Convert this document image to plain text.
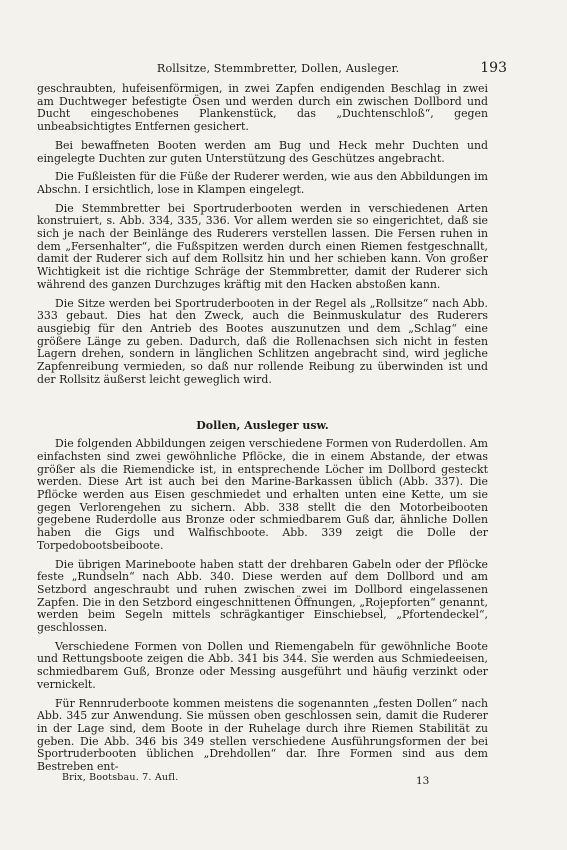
Rollsitze, Stemmbretter, Dollen, Ausleger.	193

geschraubten, hufeisenförmigen, in zwei Zapfen endigenden Beschlag in zwei am Duchtweger befestigte Ösen und werden durch ein zwischen Dollbord und Ducht eingeschobenes Plankenstück, das „Duchtenschloß“, gegen unbeabsichtigtes Entfernen gesichert.

Bei bewaffneten Booten werden am Bug und Heck mehr Duchten und eingelegte Duchten zur guten Unterstützung des Geschützes angebracht.

Die Fußleisten für die Füße der Ruderer werden, wie aus den Abbildungen im Abschn. I ersichtlich, lose in Klampen eingelegt.

Die Stemmbretter bei Sportruderbooten werden in verschiedenen Arten konstruiert, s. Abb. 334, 335, 336. Vor allem werden sie so eingerichtet, daß sie sich je nach der Beinlänge des Ruderers verstellen lassen. Die Fersen ruhen in dem „Fersenhalter“, die Fußspitzen werden durch einen Riemen festgeschnallt, damit der Ruderer sich auf dem Rollsitz hin und her schieben kann. Von großer Wichtigkeit ist die richtige Schräge der Stemmbretter, damit der Ruderer sich während des ganzen Durchzuges kräftig mit den Hacken abstoßen kann.

Die Sitze werden bei Sportruderbooten in der Regel als „Rollsitze“ nach Abb. 333 gebaut. Dies hat den Zweck, auch die Beinmuskulatur des Ruderers ausgiebig für den Antrieb des Bootes auszunutzen und dem „Schlag“ eine größere Länge zu geben. Dadurch, daß die Rollenachsen sich nicht in festen Lagern drehen, sondern in länglichen Schlitzen angebracht sind, wird jegliche Zapfenreibung vermieden, so daß nur rollende Reibung zu überwinden ist und der Rollsitz äußerst leicht geweglich wird.

Dollen, Ausleger usw.

Die folgenden Abbildungen zeigen verschiedene Formen von Ruderdollen. Am einfachsten sind zwei gewöhnliche Pflöcke, die in einem Abstande, der etwas größer als die Riemendicke ist, in entsprechende Löcher im Dollbord gesteckt werden. Diese Art ist auch bei den Marine-Barkassen üblich (Abb. 337). Die Pflöcke werden aus Eisen geschmiedet und erhalten unten eine Kette, um sie gegen Verlorengehen zu sichern. Abb. 338 stellt die den Motorbeibooten gegebene Ruderdolle aus Bronze oder schmiedbarem Guß dar, ähnliche Dollen haben die Gigs und Walfischboote. Abb. 339 zeigt die Dolle der Torpedobootsbeiboote.

Die übrigen Marineboote haben statt der drehbaren Gabeln oder der Pflöcke feste „Rundseln“ nach Abb. 340. Diese werden auf dem Dollbord und am Setzbord angeschraubt und ruhen zwischen zwei im Dollbord eingelassenen Zapfen. Die in den Setzbord eingeschnittenen Öffnungen, „Rojepforten“ genannt, werden beim Segeln mittels schrägkantiger Einschiebsel, „Pfortendeckel“, geschlossen.

Verschiedene Formen von Dollen und Riemengabeln für gewöhnliche Boote und Rettungsboote zeigen die Abb. 341 bis 344. Sie werden aus Schmiedeeisen, schmiedbarem Guß, Bronze oder Messing ausgeführt und häufig verzinkt oder vernickelt.

Für Rennruderboote kommen meistens die sogenannten „festen Dollen“ nach Abb. 345 zur Anwendung. Sie müssen oben geschlossen sein, damit die Ruderer in der Lage sind, dem Boote in der Ruhelage durch ihre Riemen Stabilität zu geben. Die Abb. 346 bis 349 stellen verschiedene Ausführungsformen der bei Sportruderbooten üblichen „Drehdollen“ dar. Ihre Formen sind aus dem Bestreben ent-

Brix, Bootsbau. 7. Aufl.	13
